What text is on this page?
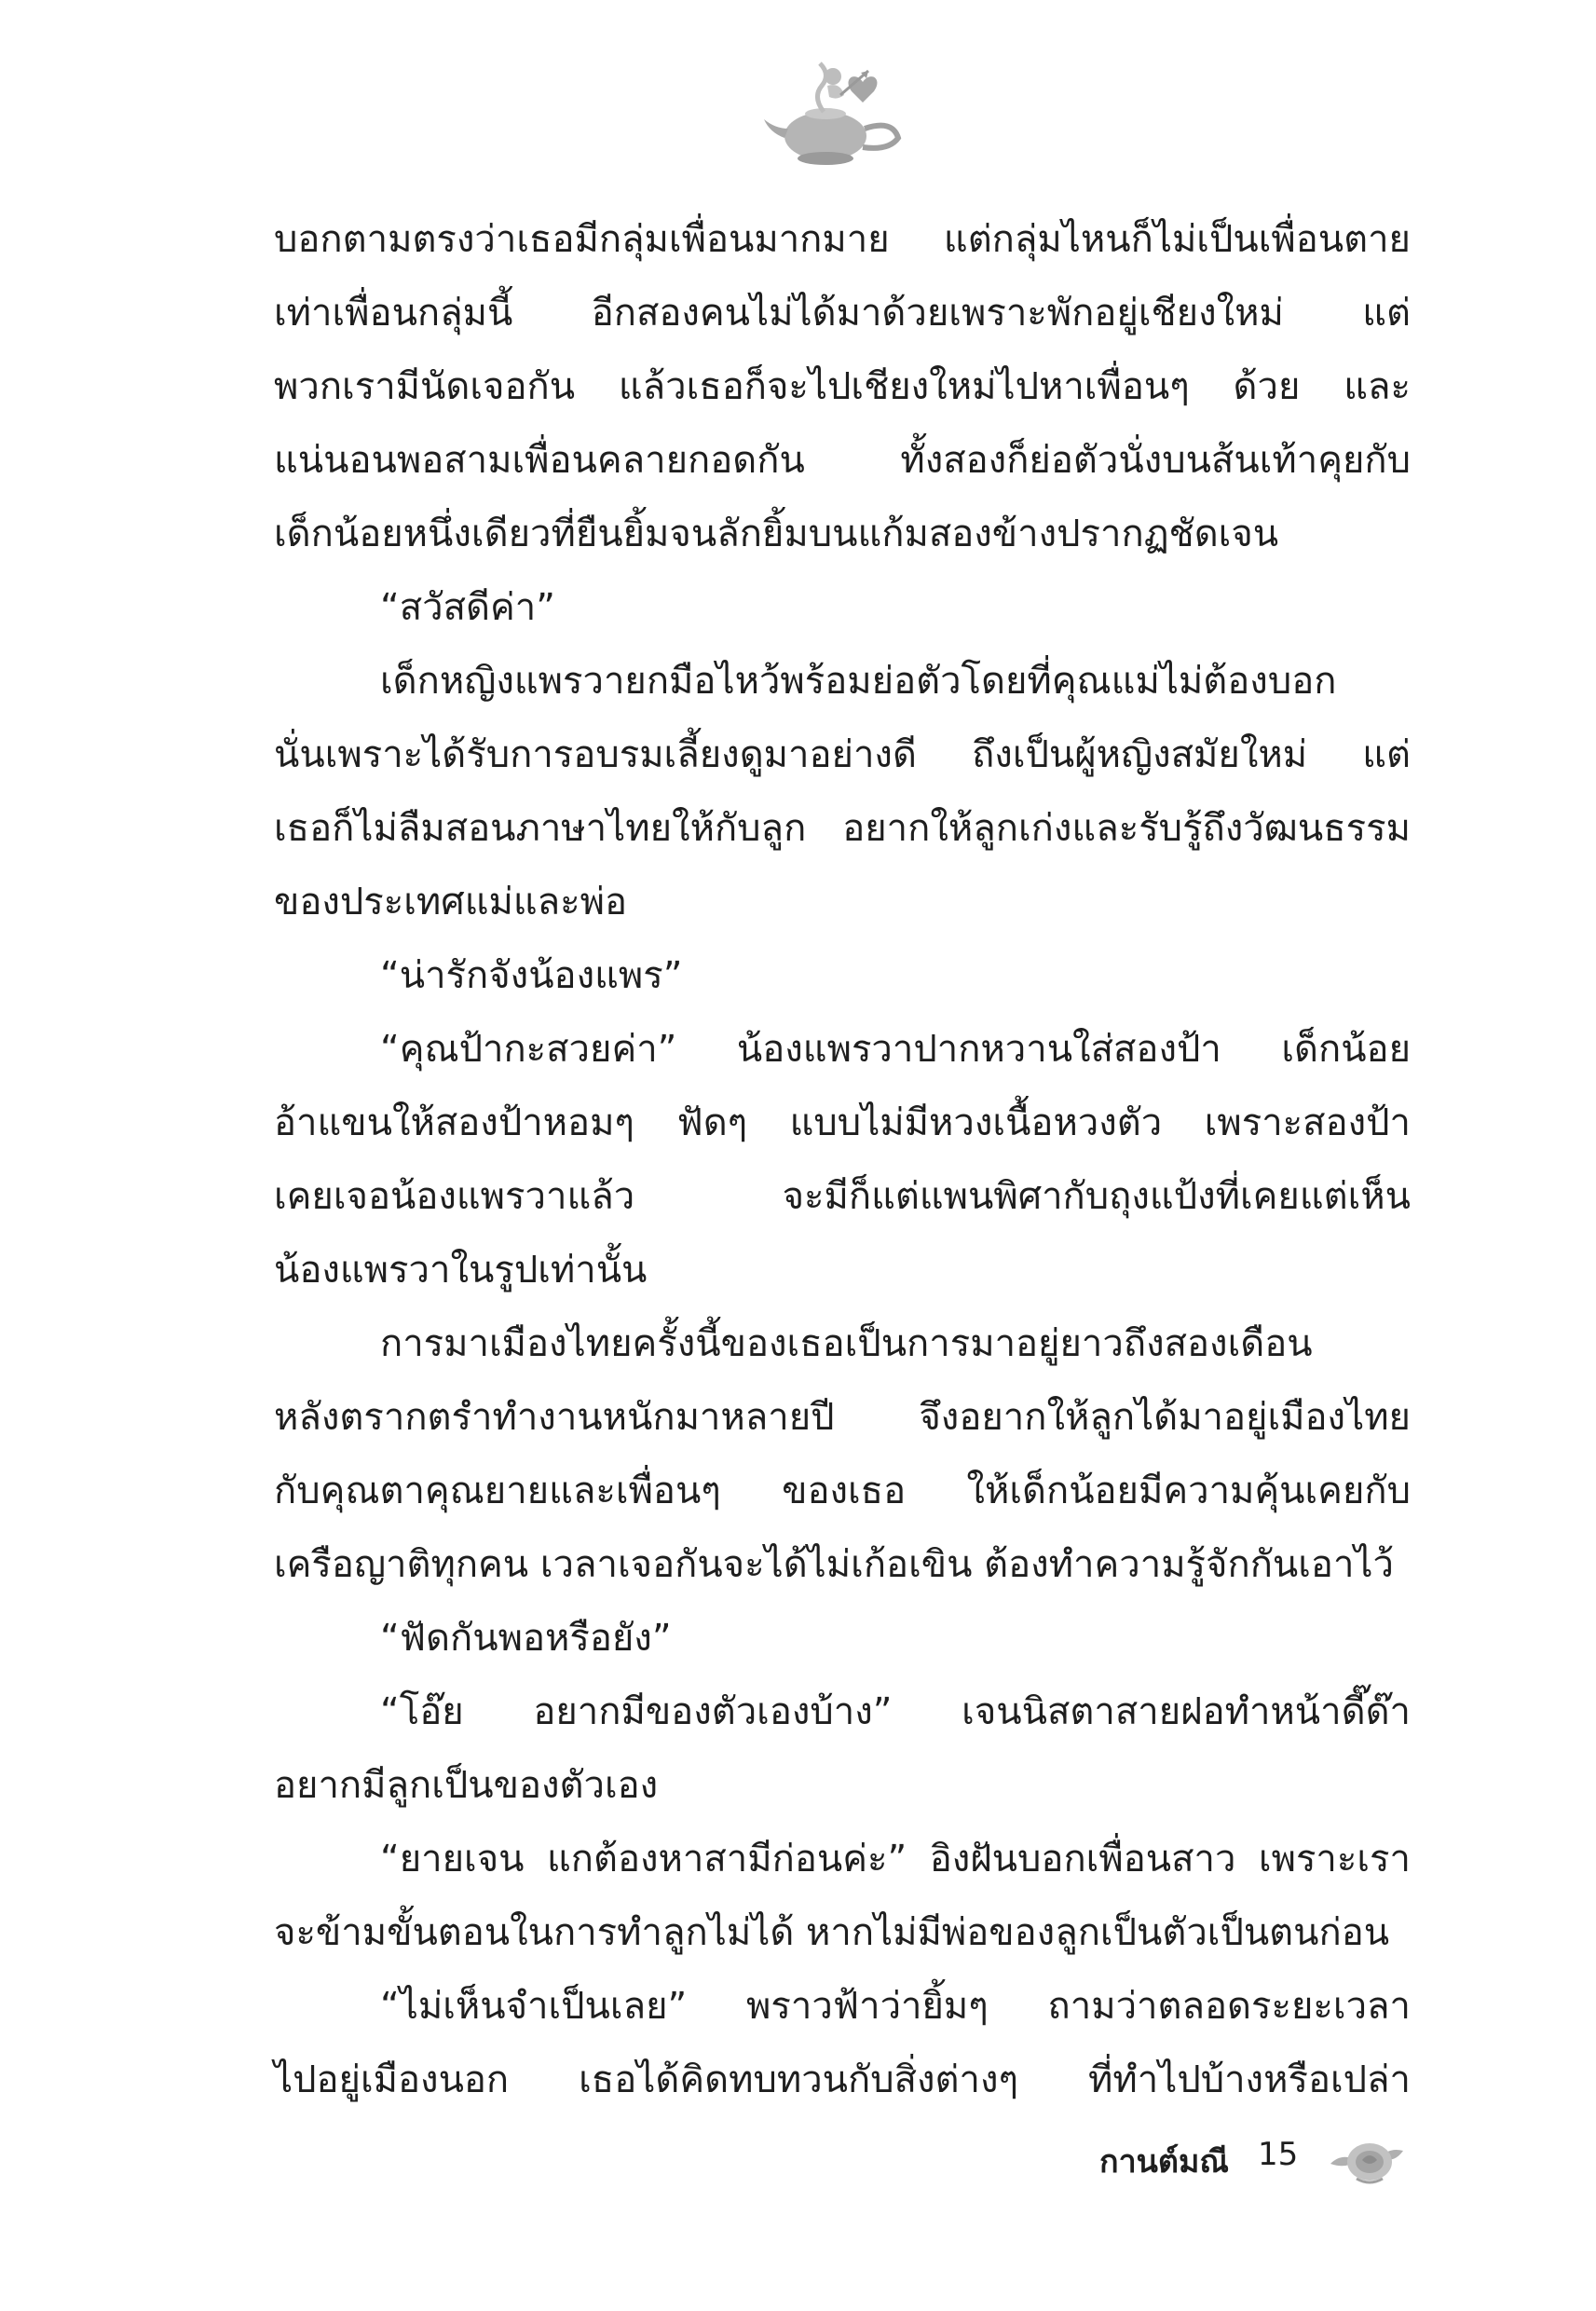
บอกตามตรงว่าเธอมีกลุ่มเพื่อนมากมาย แต่กลุ่มไหนก็ไม่เป็นเพื่อนตาย
เท่าเพื่อนกลุ่มนี้ อีกสองคนไม่ได้มาด้วยเพราะพักอยู่เชียงใหม่ แต่
พวกเรามีนัดเจอกัน แล้วเธอก็จะไปเชียงใหม่ไปหาเพื่อนๆ ด้วย และ
แน่นอนพอสามเพื่อนคลายกอดกัน ทั้งสองก็ย่อตัวนั่งบนส้นเท้าคุยกับ
เด็กน้อยหนึ่งเดียวที่ยืนยิ้มจนลักยิ้มบนแก้มสองข้างปรากฏชัดเจน
“สวัสดีค่า”
เด็กหญิงแพรวายกมือไหว้พร้อมย่อตัวโดยที่คุณแม่ไม่ต้องบอก
นั่นเพราะได้รับการอบรมเลี้ยงดูมาอย่างดี ถึงเป็นผู้หญิงสมัยใหม่ แต่
เธอก็ไม่ลืมสอนภาษาไทยให้กับลูก อยากให้ลูกเก่งและรับรู้ถึงวัฒนธรรม
ของประเทศแม่และพ่อ
“น่ารักจังน้องแพร”
“คุณป้ากะสวยค่า” น้องแพรวาปากหวานใส่สองป้า เด็กน้อย
อ้าแขนให้สองป้าหอมๆ ฟัดๆ แบบไม่มีหวงเนื้อหวงตัว เพราะสองป้า
เคยเจอน้องแพรวาแล้ว จะมีก็แต่แพนพิศากับถุงแป้งที่เคยแต่เห็น
น้องแพรวาในรูปเท่านั้น
การมาเมืองไทยครั้งนี้ของเธอเป็นการมาอยู่ยาวถึงสองเดือน
หลังตรากตรำทำงานหนักมาหลายปี จึงอยากให้ลูกได้มาอยู่เมืองไทย
กับคุณตาคุณยายและเพื่อนๆ ของเธอ ให้เด็กน้อยมีความคุ้นเคยกับ
เครือญาติทุกคน เวลาเจอกันจะได้ไม่เก้อเขิน ต้องทำความรู้จักกันเอาไว้
“ฟัดกันพอหรือยัง”
“โอ๊ย อยากมีของตัวเองบ้าง” เจนนิสตาสายฝอทำหน้าดี๊ด๊า
อยากมีลูกเป็นของตัวเอง
“ยายเจน แกต้องหาสามีก่อนค่ะ” อิงฝันบอกเพื่อนสาว เพราะเรา
จะข้ามขั้นตอนในการทำลูกไม่ได้ หากไม่มีพ่อของลูกเป็นตัวเป็นตนก่อน
“ไม่เห็นจำเป็นเลย” พราวฟ้าว่ายิ้มๆ ถามว่าตลอดระยะเวลา
ไปอยู่เมืองนอก เธอได้คิดทบทวนกับสิ่งต่างๆ ที่ทำไปบ้างหรือเปล่า
กานต์มณี 15
